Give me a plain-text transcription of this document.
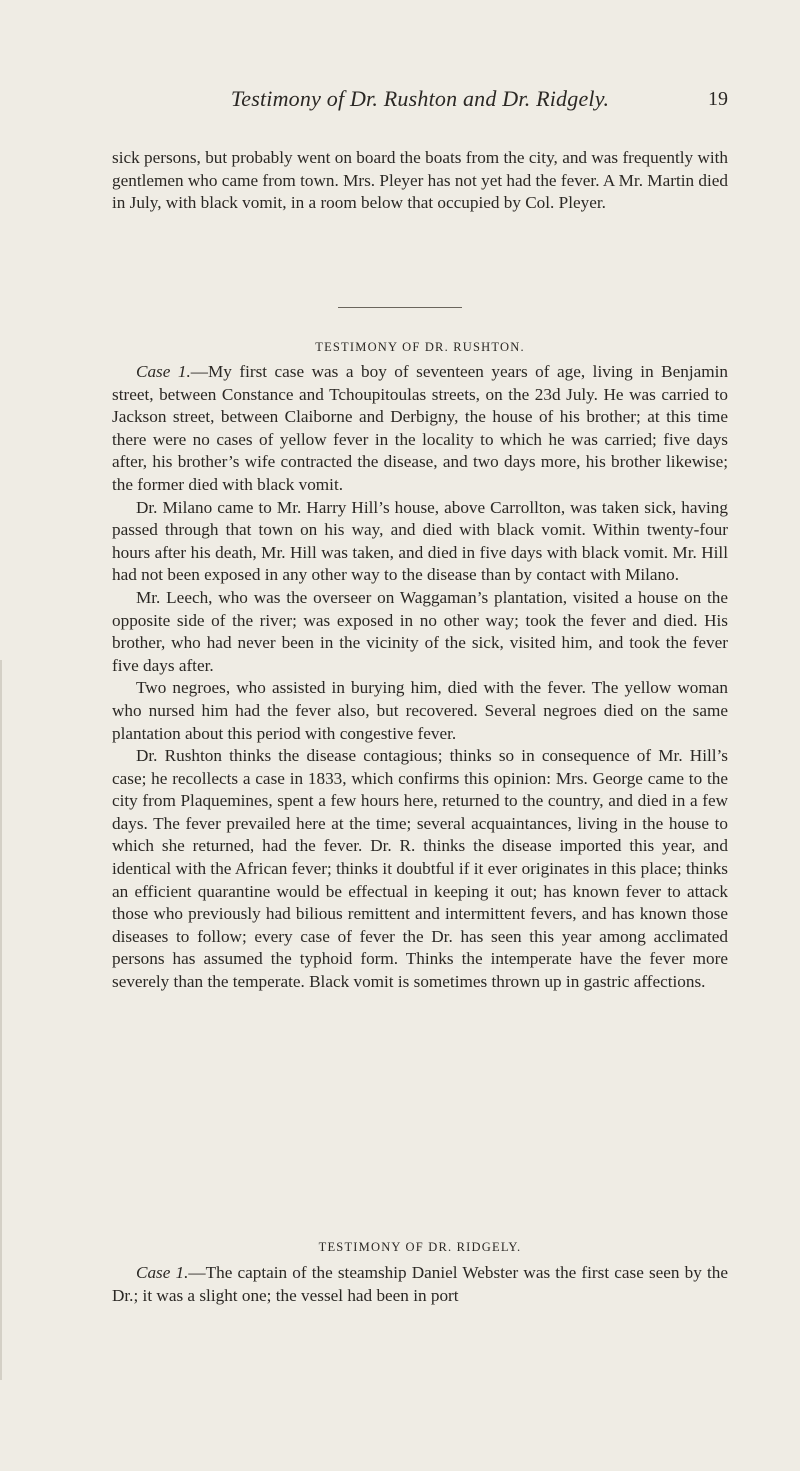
Testimony of Dr. Rushton and Dr. Ridgely.	19

sick persons, but probably went on board the boats from the city, and was frequently with gentlemen who came from town. Mrs. Pleyer has not yet had the fever. A Mr. Martin died in July, with black vomit, in a room below that occupied by Col. Pleyer.

TESTIMONY OF DR. RUSHTON.

Case 1.—My first case was a boy of seventeen years of age, living in Benjamin street, between Constance and Tchoupitoulas streets, on the 23d July. He was carried to Jackson street, between Claiborne and Derbigny, the house of his brother; at this time there were no cases of yellow fever in the locality to which he was carried; five days after, his brother’s wife contracted the disease, and two days more, his brother likewise; the former died with black vomit.

Dr. Milano came to Mr. Harry Hill’s house, above Carrollton, was taken sick, having passed through that town on his way, and died with black vomit. Within twenty-four hours after his death, Mr. Hill was taken, and died in five days with black vomit. Mr. Hill had not been exposed in any other way to the disease than by contact with Milano.

Mr. Leech, who was the overseer on Waggaman’s plantation, visited a house on the opposite side of the river; was exposed in no other way; took the fever and died. His brother, who had never been in the vicinity of the sick, visited him, and took the fever five days after.

Two negroes, who assisted in burying him, died with the fever. The yellow woman who nursed him had the fever also, but recovered. Several negroes died on the same plantation about this period with congestive fever.

Dr. Rushton thinks the disease contagious; thinks so in consequence of Mr. Hill’s case; he recollects a case in 1833, which confirms this opinion: Mrs. George came to the city from Plaquemines, spent a few hours here, returned to the country, and died in a few days. The fever prevailed here at the time; several acquaintances, living in the house to which she returned, had the fever. Dr. R. thinks the disease imported this year, and identical with the African fever; thinks it doubtful if it ever originates in this place; thinks an efficient quarantine would be effectual in keeping it out; has known fever to attack those who previously had bilious remittent and intermittent fevers, and has known those diseases to follow; every case of fever the Dr. has seen this year among acclimated persons has assumed the typhoid form. Thinks the intemperate have the fever more severely than the temperate. Black vomit is sometimes thrown up in gastric affections.

TESTIMONY OF DR. RIDGELY.

Case 1.—The captain of the steamship Daniel Webster was the first case seen by the Dr.; it was a slight one; the vessel had been in port
